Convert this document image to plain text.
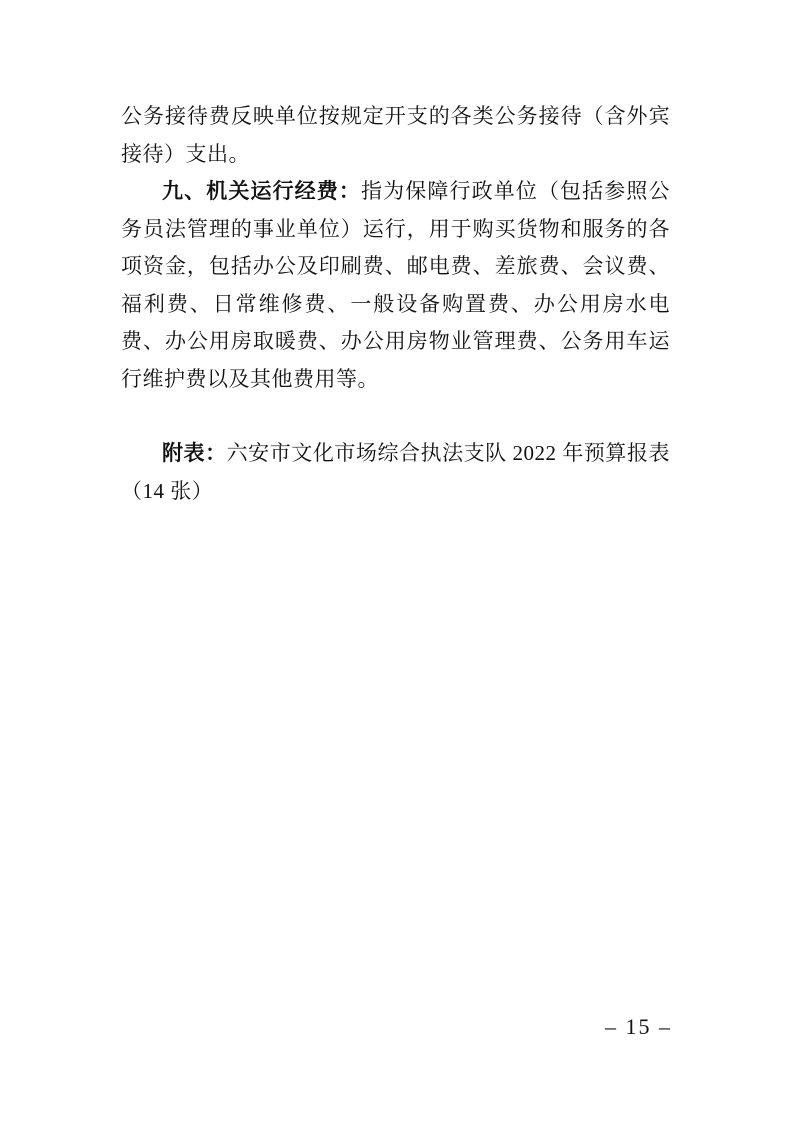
公务接待费反映单位按规定开支的各类公务接待（含外宾接待）支出。

九、机关运行经费：指为保障行政单位（包括参照公务员法管理的事业单位）运行，用于购买货物和服务的各项资金，包括办公及印刷费、邮电费、差旅费、会议费、福利费、日常维修费、一般设备购置费、办公用房水电费、办公用房取暖费、办公用房物业管理费、公务用车运行维护费以及其他费用等。

附表：六安市文化市场综合执法支队 2022 年预算报表（14 张）

– 15 –
